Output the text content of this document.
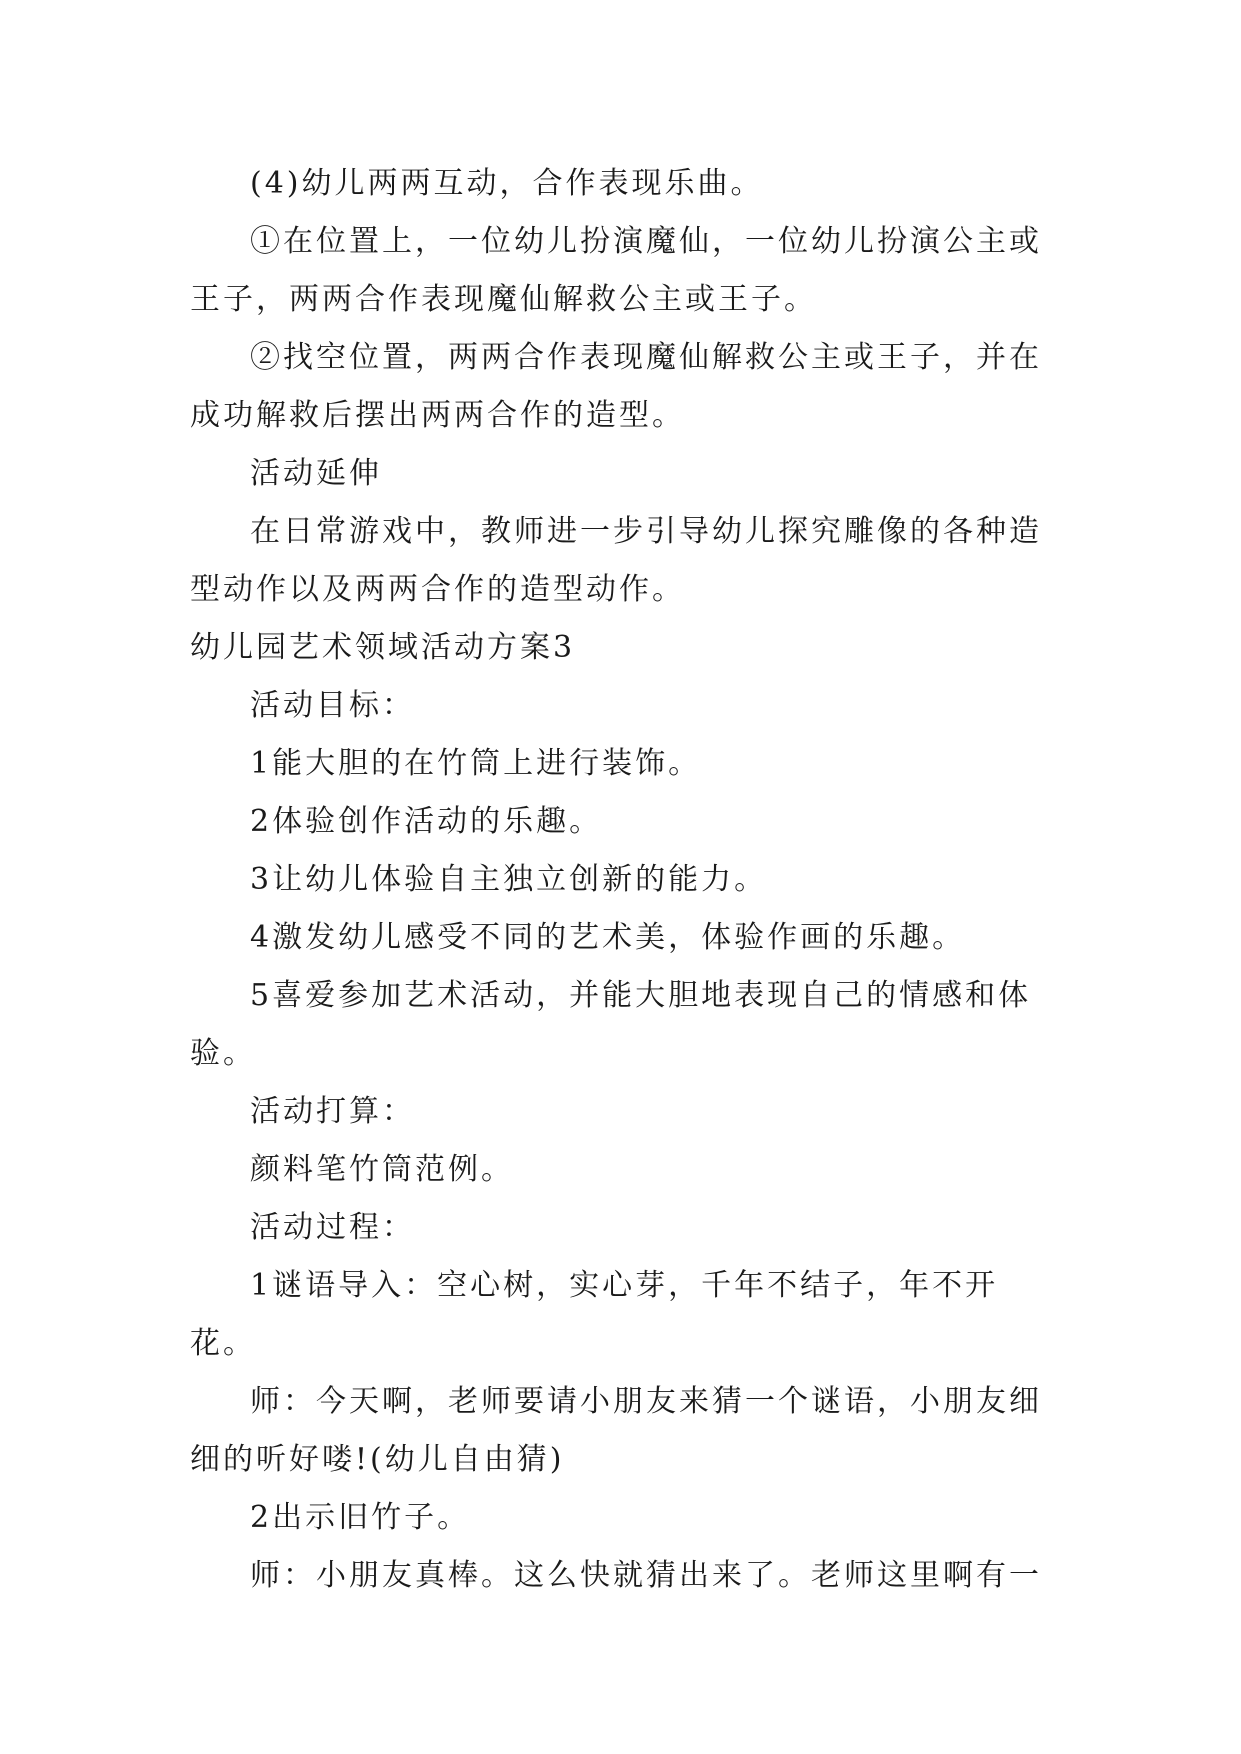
(4)幼儿两两互动，合作表现乐曲。

①在位置上，一位幼儿扮演魔仙，一位幼儿扮演公主或王子，两两合作表现魔仙解救公主或王子。

②找空位置，两两合作表现魔仙解救公主或王子，并在成功解救后摆出两两合作的造型。

活动延伸

在日常游戏中，教师进一步引导幼儿探究雕像的各种造型动作以及两两合作的造型动作。

幼儿园艺术领域活动方案3

活动目标：

1能大胆的在竹筒上进行装饰。

2体验创作活动的乐趣。

3让幼儿体验自主独立创新的能力。

4激发幼儿感受不同的艺术美，体验作画的乐趣。

5喜爱参加艺术活动，并能大胆地表现自己的情感和体验。

活动打算：

颜料笔竹筒范例。

活动过程：

1谜语导入：空心树，实心芽，千年不结子，年不开花。

师：今天啊，老师要请小朋友来猜一个谜语，小朋友细细的听好喽!(幼儿自由猜)

2出示旧竹子。

师：小朋友真棒。这么快就猜出来了。老师这里啊有一
